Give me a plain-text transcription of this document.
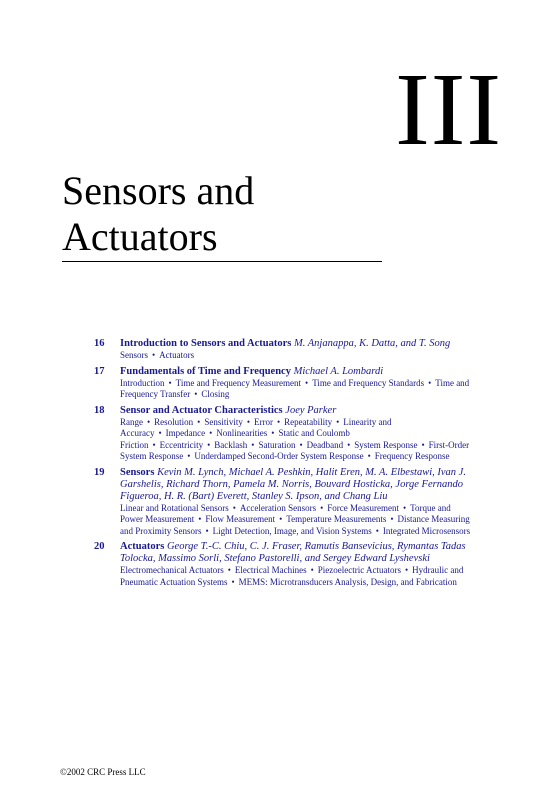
III
Sensors and Actuators
16	Introduction to Sensors and Actuators M. Anjanappa, K. Datta, and T. Song
Sensors • Actuators
17	Fundamentals of Time and Frequency Michael A. Lombardi
Introduction • Time and Frequency Measurement • Time and Frequency Standards • Time and Frequency Transfer • Closing
18	Sensor and Actuator Characteristics Joey Parker
Range • Resolution • Sensitivity • Error • Repeatability • Linearity and Accuracy • Impedance • Nonlinearities • Static and Coulomb Friction • Eccentricity • Backlash • Saturation • Deadband • System Response • First-Order System Response • Underdamped Second-Order System Response • Frequency Response
19	Sensors Kevin M. Lynch, Michael A. Peshkin, Halit Eren, M. A. Elbestawi, Ivan J. Garshelis, Richard Thorn, Pamela M. Norris, Bouvard Hosticka, Jorge Fernando Figueroa, H. R. (Bart) Everett, Stanley S. Ipson, and Chang Liu
Linear and Rotational Sensors • Acceleration Sensors • Force Measurement • Torque and Power Measurement • Flow Measurement • Temperature Measurements • Distance Measuring and Proximity Sensors • Light Detection, Image, and Vision Systems • Integrated Microsensors
20	Actuators George T.-C. Chiu, C. J. Fraser, Ramutis Bansevicius, Rymantas Tadas Tolocka, Massimo Sorli, Stefano Pastorelli, and Sergey Edward Lyshevski
Electromechanical Actuators • Electrical Machines • Piezoelectric Actuators • Hydraulic and Pneumatic Actuation Systems • MEMS: Microtransducers Analysis, Design, and Fabrication
©2002 CRC Press LLC
